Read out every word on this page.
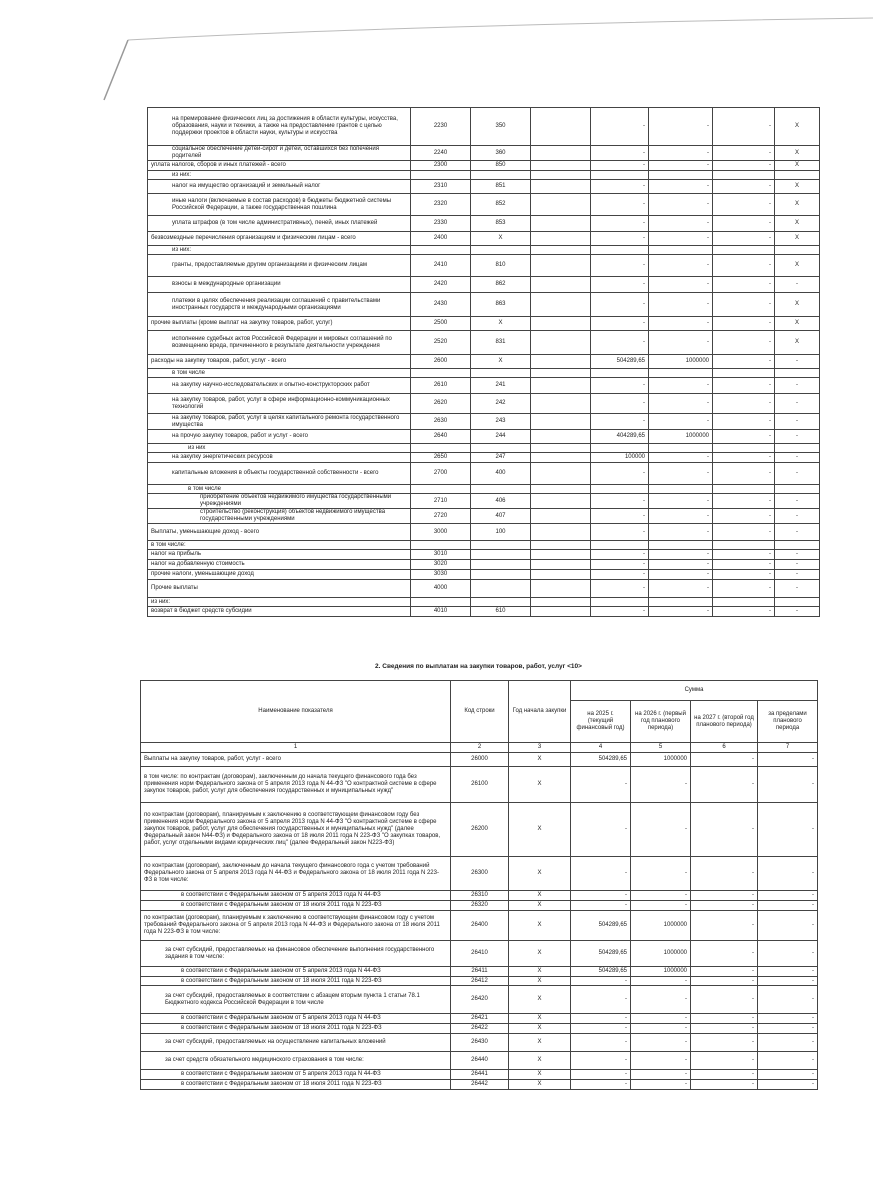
на премирование физических лиц за достижения в области культуры, искусства, образования, науки и техники, а также на предоставление грантов с целью поддержки проектов в области науки, культуры и искусства	2230	350		-	-	-	X
социальное обеспечение детей-сирот и детей, оставшихся без попечения родителей	2240	360		-	-	-	X
уплата налогов, сборов и иных платежей - всего	2300	850		-	-	-	X
из них:							
налог на имущество организаций и земельный налог	2310	851		-	-	-	X
иные налоги (включаемые в состав расходов) в бюджеты бюджетной системы Российской Федерации, а также государственная пошлина	2320	852		-	-	-	X
уплата штрафов (в том числе административных), пеней, иных платежей	2330	853		-	-	-	X
безвозмездные перечисления организациям и физическим лицам - всего	2400	X		-	-	-	X
из них:							
гранты, предоставляемые другим организациям и физическим лицам	2410	810		-	-	-	X
взносы в международные организации	2420	862		-	-	-	-
платежи в целях обеспечения реализации соглашений с правительствами иностранных государств и международными организациями	2430	863		-	-	-	X
прочие выплаты (кроме выплат на закупку товаров, работ, услуг)	2500	X		-	-	-	X
исполнение судебных актов Российской Федерации и мировых соглашений по возмещению вреда, причиненного в результате деятельности учреждения	2520	831		-	-	-	X
расходы на закупку товаров, работ, услуг - всего	2600	X		504289,65	1000000	-	-
в том числе							
на закупку научно-исследовательских и опытно-конструкторских работ	2610	241		-	-	-	-
на закупку товаров, работ, услуг в сфере информационно-коммуникационных технологий	2620	242		-	-	-	-
на закупку товаров, работ, услуг в целях капитального ремонта государственного имущества	2630	243		-	-	-	-
на прочую закупку товаров, работ и услуг - всего	2640	244		404289,65	1000000	-	-
из них							
на закупку энергетических ресурсов	2650	247		100000	-	-	-
капитальные вложения в объекты государственной собственности - всего	2700	400		-	-	-	-
в том числе							
приобретение объектов недвижимого имущества государственными учреждениями	2710	406		-	-	-	-
строительство (реконструкция) объектов недвижимого имущества государственными учреждениями	2720	407		-	-	-	-
Выплаты, уменьшающие доход - всего	3000	100		-	-	-	-
в том числе:							
налог на прибыль	3010			-	-	-	-
налог на добавленную стоимость	3020			-	-	-	-
прочие налоги, уменьшающие доход	3030			-	-	-	-
Прочие выплаты	4000			-	-	-	-
из них:							
возврат в бюджет средств субсидии	4010	610		-	-	-	-
2. Сведения по выплатам на закупки товаров, работ, услуг <10>
Наименование показателя	Код строки	Год начала закупки	Сумма			
			на 2025 г. (текущий финансовый год)	на 2026 г. (первый год планового периода)	на 2027 г. (второй год планового периода)	за пределами планового периода
1	2	3	4	5	6	7
Выплаты на закупку товаров, работ, услуг - всего	26000	X	504289,65	1000000	-	-
в том числе: по контрактам (договорам), заключенным до начала текущего финансового года без применения норм Федерального закона от 5 апреля 2013 года N 44-ФЗ "О контрактной системе в сфере закупок товаров, работ, услуг для обеспечения государственных и муниципальных нужд"	26100	X	-	-	-	-
по контрактам (договорам), планируемым к заключению в соответствующем финансовом году без применения норм Федерального закона от 5 апреля 2013 года N 44-ФЗ "О контрактной системе в сфере закупок товаров, работ, услуг для обеспечения государственных и муниципальных нужд" (далее Федеральный закон N44-ФЗ) и Федерального закона от 18 июля 2011 года N 223-ФЗ "О закупках товаров, работ, услуг отдельными видами юридических лиц" (далее Федеральный закон N223-ФЗ)	26200	X	-	-	-	-
по контрактам (договорам), заключенным до начала текущего финансового года с учетом требований Федерального закона от 5 апреля 2013 года N 44-ФЗ и Федерального закона от 18 июля 2011 года N 223-ФЗ в том числе:	26300	X	-	-	-	-
в соответствии с Федеральным законом от 5 апреля 2013 года N 44-ФЗ	26310	X	-	-	-	-
в соответствии с Федеральным законом от 18 июля 2011 года N 223-ФЗ	26320	X	-	-	-	-
по контрактам (договорам), планируемым к заключению в соответствующем финансовом году с учетом требований Федерального закона от 5 апреля 2013 года N 44-ФЗ и Федерального закона от 18 июля 2011 года N 223-ФЗ в том числе:	26400	X	504289,65	1000000	-	-
за счет субсидий, предоставляемых на финансовое обеспечение выполнения государственного задания в том числе:	26410	X	504289,65	1000000	-	-
в соответствии с Федеральным законом от 5 апреля 2013 года N 44-ФЗ	26411	X	504289,65	1000000	-	-
в соответствии с Федеральным законом от 18 июля 2011 года N 223-ФЗ	26412	X	-	-	-	-
за счет субсидий, предоставляемых в соответствии с абзацем вторым пункта 1 статьи 78.1 Бюджетного кодекса Российской Федерации в том числе	26420	X	-	-	-	-
в соответствии с Федеральным законом от 5 апреля 2013 года N 44-ФЗ	26421	X	-	-	-	-
в соответствии с Федеральным законом от 18 июля 2011 года N 223-ФЗ	26422	X	-	-	-	-
за счет субсидий, предоставляемых на осуществление капитальных вложений	26430	X	-	-	-	-
за счет средств обязательного медицинского страхования в том числе:	26440	X	-	-	-	-
в соответствии с Федеральным законом от 5 апреля 2013 года N 44-ФЗ	26441	X	-	-	-	-
в соответствии с Федеральным законом от 18 июля 2011 года N 223-ФЗ	26442	X	-	-	-	-
